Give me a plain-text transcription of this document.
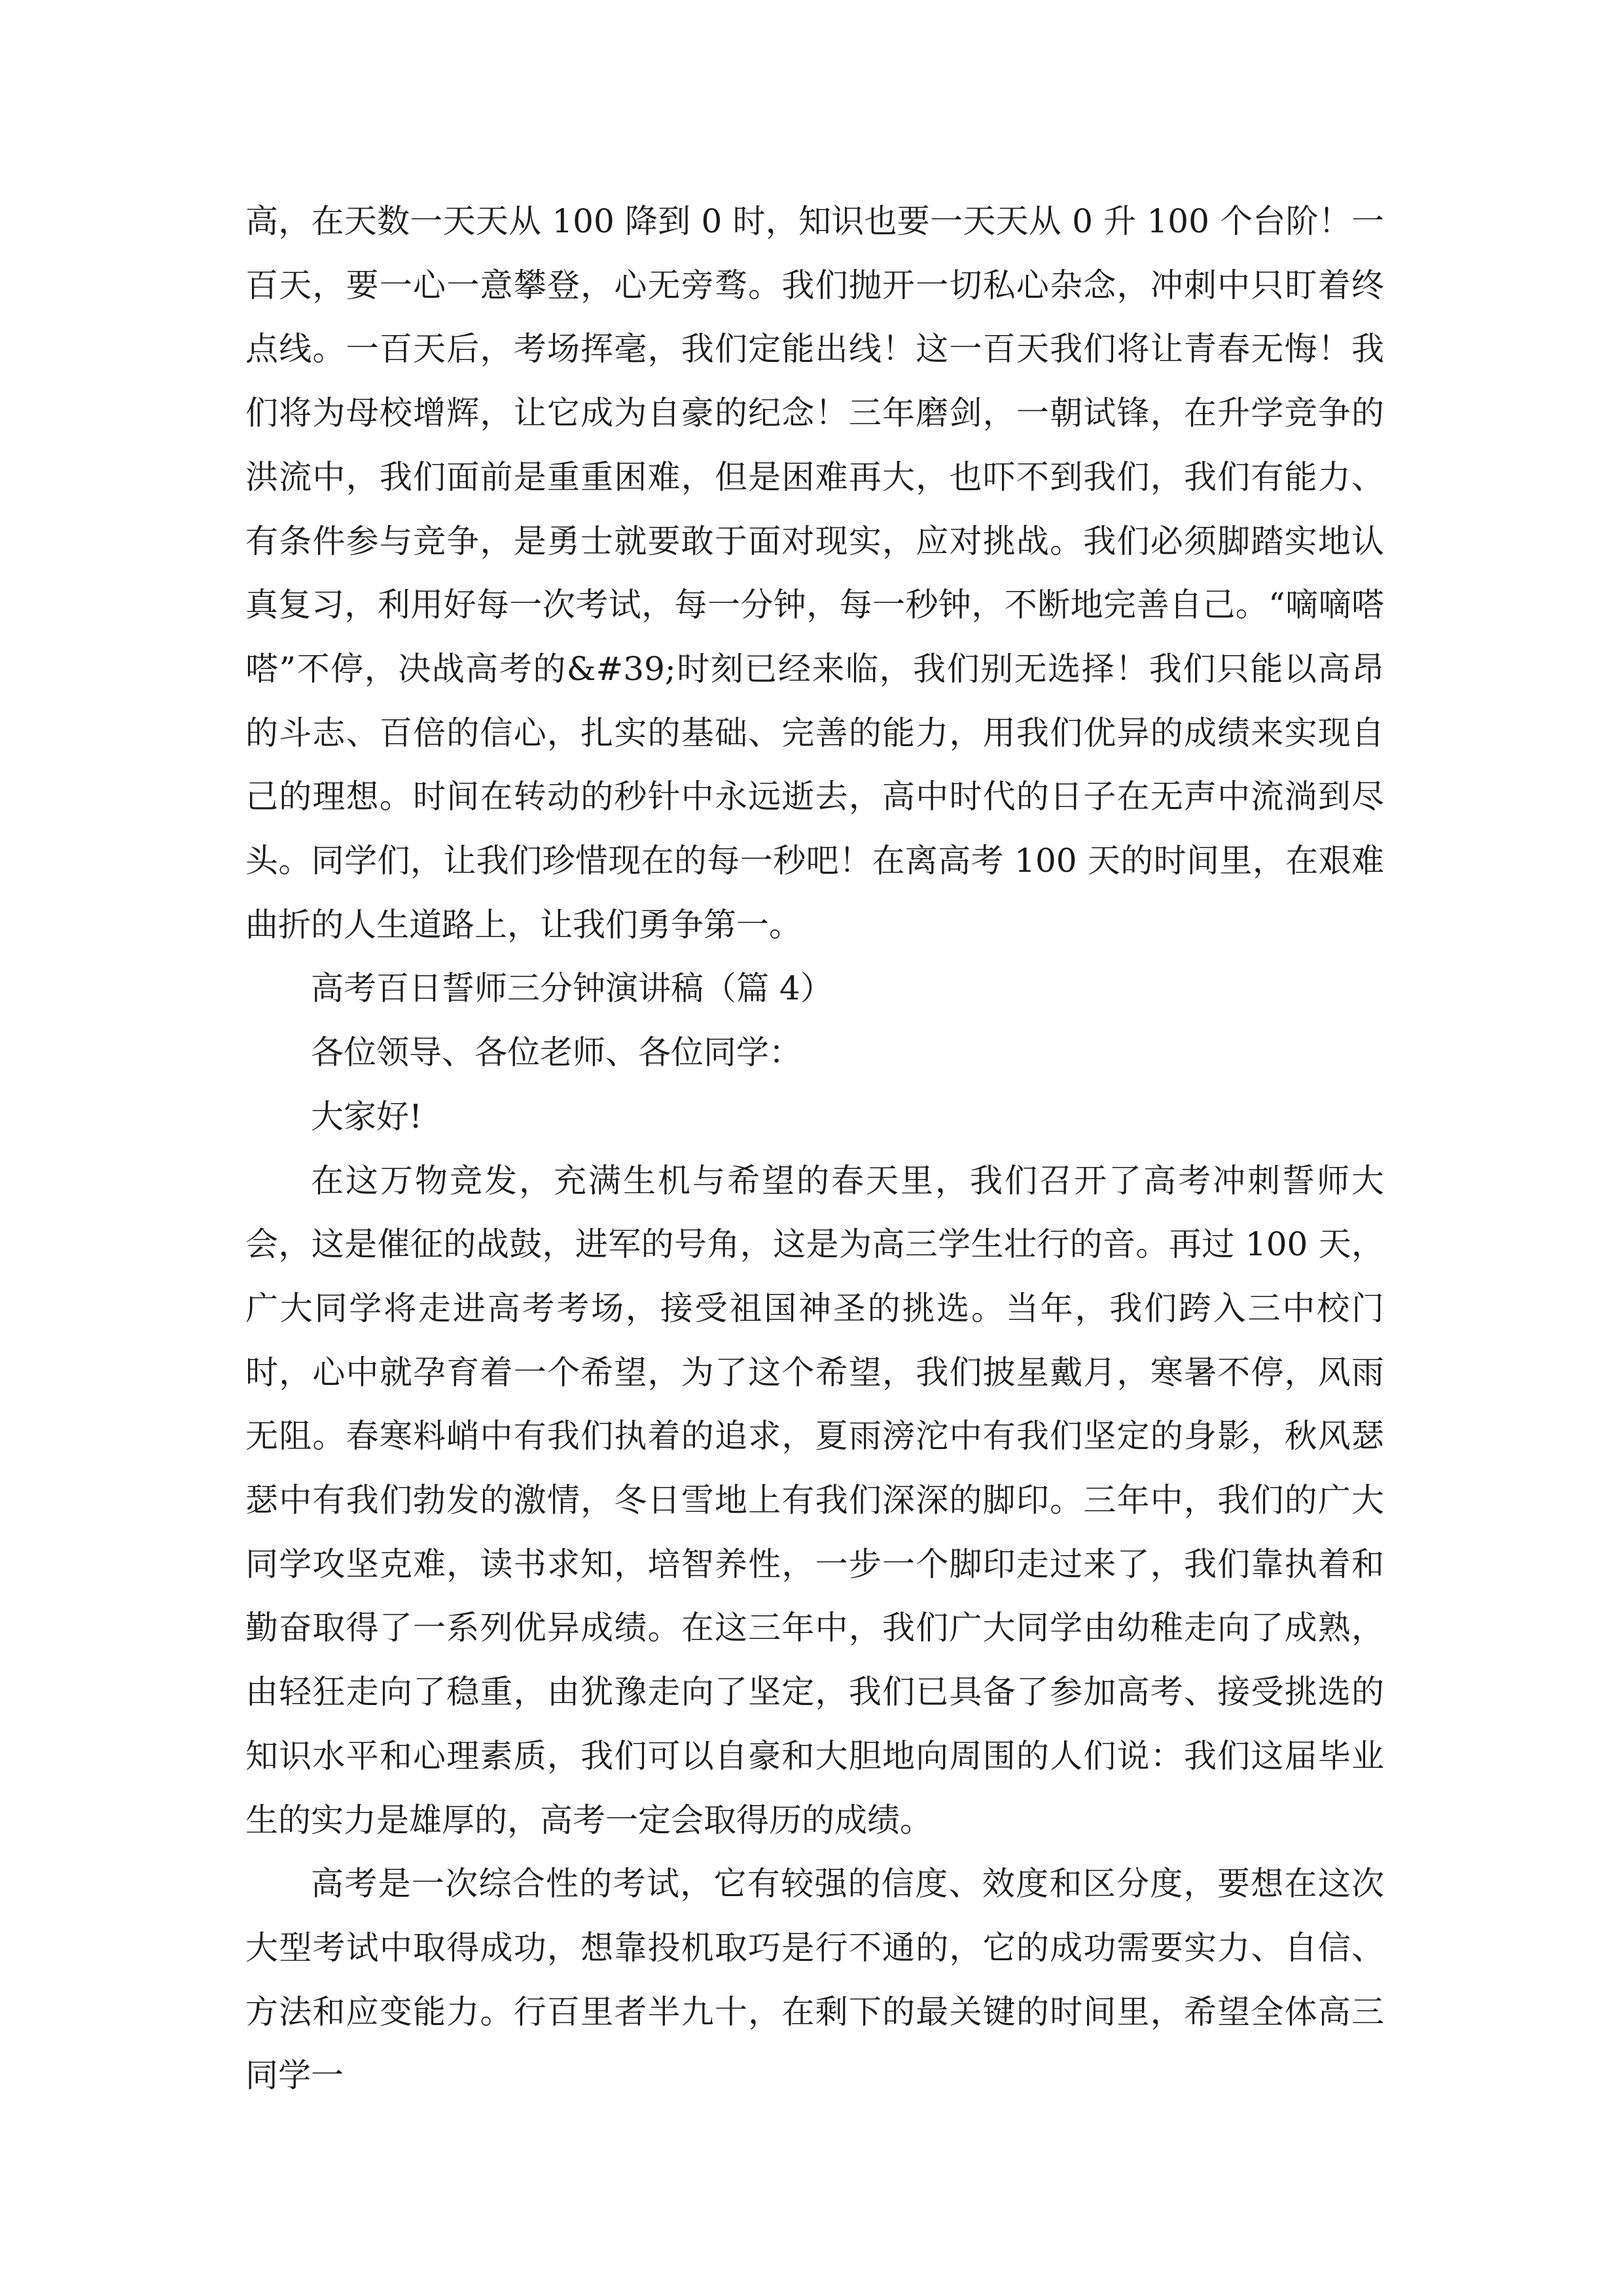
高，在天数一天天从 100 降到 0 时，知识也要一天天从 0 升 100 个台阶！一百天，要一心一意攀登，心无旁骛。我们抛开一切私心杂念，冲刺中只盯着终点线。一百天后，考场挥毫，我们定能出线！这一百天我们将让青春无悔！我们将为母校增辉，让它成为自豪的纪念！三年磨剑，一朝试锋，在升学竞争的洪流中，我们面前是重重困难，但是困难再大，也吓不到我们，我们有能力、有条件参与竞争，是勇士就要敢于面对现实，应对挑战。我们必须脚踏实地认真复习，利用好每一次考试，每一分钟，每一秒钟，不断地完善自己。“嘀嘀嗒嗒”不停，决战高考的&#39;时刻已经来临，我们别无选择！我们只能以高昂的斗志、百倍的信心，扎实的基础、完善的能力，用我们优异的成绩来实现自己的理想。时间在转动的秒针中永远逝去，高中时代的日子在无声中流淌到尽头。同学们，让我们珍惜现在的每一秒吧！在离高考 100 天的时间里，在艰难曲折的人生道路上，让我们勇争第一。

高考百日誓师三分钟演讲稿（篇 4）

各位领导、各位老师、各位同学：

大家好!

在这万物竞发，充满生机与希望的春天里，我们召开了高考冲刺誓师大会，这是催征的战鼓，进军的号角，这是为高三学生壮行的音。再过 100 天，广大同学将走进高考考场，接受祖国神圣的挑选。当年，我们跨入三中校门时，心中就孕育着一个希望，为了这个希望，我们披星戴月，寒暑不停，风雨无阻。春寒料峭中有我们执着的追求，夏雨滂沱中有我们坚定的身影，秋风瑟瑟中有我们勃发的激情，冬日雪地上有我们深深的脚印。三年中，我们的广大同学攻坚克难，读书求知，培智养性，一步一个脚印走过来了，我们靠执着和勤奋取得了一系列优异成绩。在这三年中，我们广大同学由幼稚走向了成熟，由轻狂走向了稳重，由犹豫走向了坚定，我们已具备了参加高考、接受挑选的知识水平和心理素质，我们可以自豪和大胆地向周围的人们说：我们这届毕业生的实力是雄厚的，高考一定会取得历的成绩。

高考是一次综合性的考试，它有较强的信度、效度和区分度，要想在这次大型考试中取得成功，想靠投机取巧是行不通的，它的成功需要实力、自信、方法和应变能力。行百里者半九十，在剩下的最关键的时间里，希望全体高三同学一
